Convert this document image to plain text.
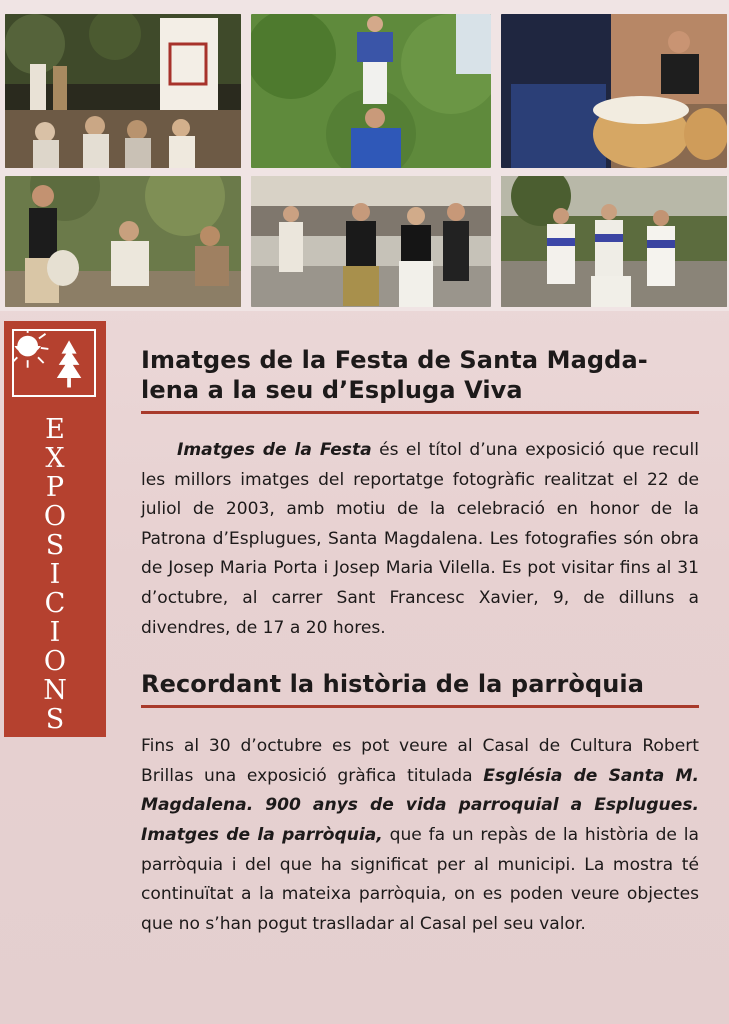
E
X
P
O
S
I
C
I
O
N
S
Imatges de la Festa de Santa Magda-
lena a la seu d’Espluga Viva

Imatges de la Festa és el títol d’una exposició que recull les millors imatges del reportatge fotogràfic realitzat el 22 de juliol de 2003, amb motiu de la celebració en honor de la Patrona d’Esplugues, Santa Magdalena. Les fotografies són obra de Josep Maria Porta i Josep Maria Vilella. Es pot visitar fins al 31 d’octubre, al carrer Sant Francesc Xavier, 9, de dilluns a divendres, de 17 a 20 hores.

Recordant la història de la parròquia

Fins al 30 d’octubre es pot veure al Casal de Cultura Robert Brillas una exposició gràfica titulada Església de Santa M. Magdalena. 900 anys de vida parroquial a Esplugues. Imatges de la parròquia, que fa un repàs de la història de la parròquia i del que ha significat per al municipi. La mostra té continuïtat a la mateixa parròquia, on es poden veure objectes que no s’han pogut traslladar al Casal pel seu valor.
